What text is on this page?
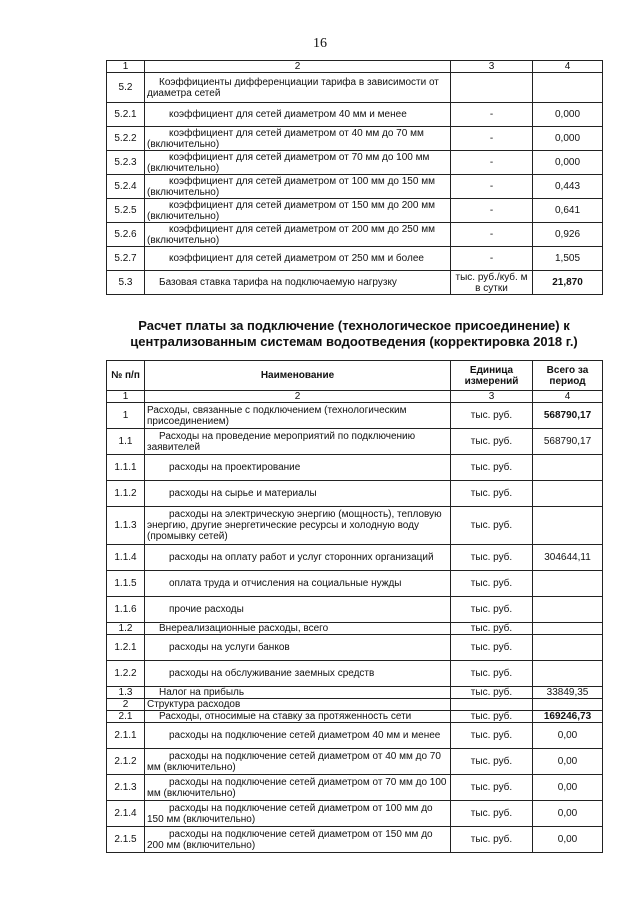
16
1	2	3	4
5.2	Коэффициенты дифференциации тарифа в зависимости от диаметра сетей		
5.2.1	коэффициент для сетей диаметром 40 мм и менее	-	0,000
5.2.2	коэффициент для сетей диаметром от 40 мм до 70 мм (включительно)	-	0,000
5.2.3	коэффициент для сетей диаметром от 70 мм до 100 мм (включительно)	-	0,000
5.2.4	коэффициент для сетей диаметром от 100 мм до 150 мм (включительно)	-	0,443
5.2.5	коэффициент для сетей диаметром от 150 мм до 200 мм (включительно)	-	0,641
5.2.6	коэффициент для сетей диаметром от 200 мм до 250 мм (включительно)	-	0,926
5.2.7	коэффициент для сетей диаметром от 250 мм и более	-	1,505
5.3	Базовая ставка тарифа на подключаемую нагрузку	тыс. руб./куб. м в сутки	21,870
Расчет платы за подключение (технологическое присоединение) к централизованным системам водоотведения (корректировка 2018 г.)
№ п/п	Наименование	Единица измерений	Всего за период
1	2	3	4
1	Расходы, связанные с подключением (технологическим присоединением)	тыс. руб.	568790,17
1.1	Расходы на проведение мероприятий по подключению заявителей	тыс. руб.	568790,17
1.1.1	расходы на проектирование	тыс. руб.	
1.1.2	расходы на сырье и материалы	тыс. руб.	
1.1.3	расходы на электрическую энергию (мощность), тепловую энергию, другие энергетические ресурсы и холодную воду (промывку сетей)	тыс. руб.	
1.1.4	расходы на оплату работ и услуг сторонних организаций	тыс. руб.	304644,11
1.1.5	оплата труда и отчисления на социальные нужды	тыс. руб.	
1.1.6	прочие расходы	тыс. руб.	
1.2	Внереализационные расходы, всего	тыс. руб.	
1.2.1	расходы на услуги банков	тыс. руб.	
1.2.2	расходы на обслуживание заемных средств	тыс. руб.	
1.3	Налог на прибыль	тыс. руб.	33849,35
2	Структура расходов		
2.1	Расходы, относимые на ставку за протяженность сети	тыс. руб.	169246,73
2.1.1	расходы на подключение сетей диаметром 40 мм и менее	тыс. руб.	0,00
2.1.2	расходы на подключение сетей диаметром от 40 мм до 70 мм (включительно)	тыс. руб.	0,00
2.1.3	расходы на подключение сетей диаметром от 70 мм до 100 мм (включительно)	тыс. руб.	0,00
2.1.4	расходы на подключение сетей диаметром от 100 мм до 150 мм (включительно)	тыс. руб.	0,00
2.1.5	расходы на подключение сетей диаметром от 150 мм до 200 мм (включительно)	тыс. руб.	0,00
